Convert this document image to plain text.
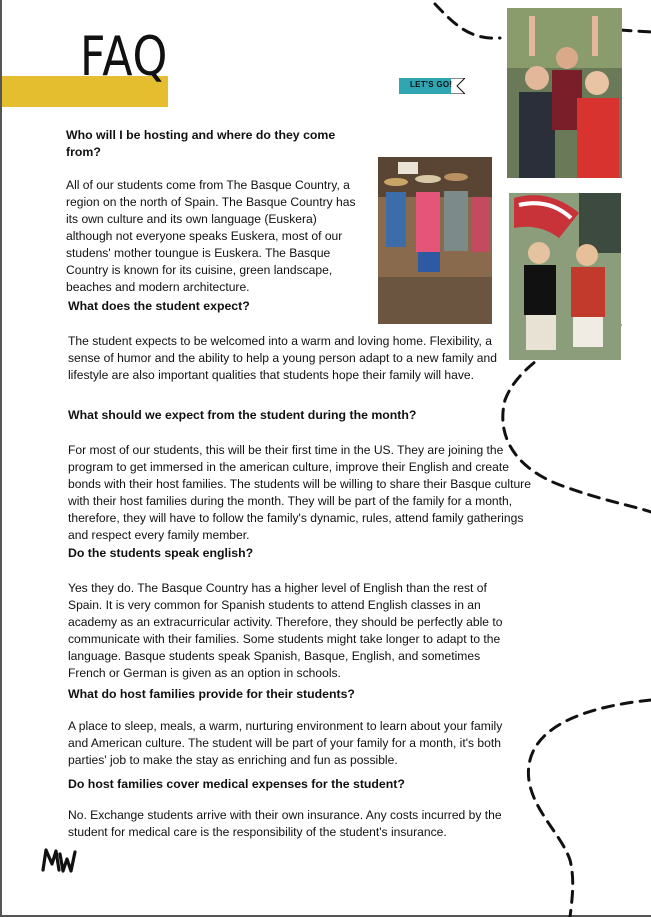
FAQ	LET'S GO!

Who will I be hosting and where do they come from?

All of our students come from The Basque Country, a region on the north of Spain. The Basque Country has its own culture and its own language (Euskera) although not everyone speaks Euskera, most of our studens' mother toungue is Euskera. The Basque Country is known for its cuisine, green landscape, beaches and modern architecture.

What does the student expect?

The student expects to be welcomed into a warm and loving home. Flexibility, a sense of humor and the ability to help a young person adapt to a new family and lifestyle are also important qualities that students hope their family will have.

What should we expect from the student during the month?

For most of our students, this will be their first time in the US. They are joining the program to get immersed in the american culture, improve their English and create bonds with their host families. The students will be willing to share their Basque culture with their host families during the month. They will be part of the family for a month, therefore, they will have to follow the family's dynamic, rules, attend family gatherings and respect every family member.

Do the students speak english?

Yes they do. The Basque Country has a higher level of English than the rest of Spain. It is very common for Spanish students to attend English classes in an academy as an extracurricular activity. Therefore, they should be perfectly able to communicate with their families. Some students might take longer to adapt to the language. Basque students speak Spanish, Basque, English, and sometimes French or German is given as an option in schools.

What do host families provide for their students?

A place to sleep, meals, a warm, nurturing environment to learn about your family and American culture. The student will be part of your family for a month, it's both parties' job to make the stay as enriching and fun as possible.

Do host families cover medical expenses for the student?

No. Exchange students arrive with their own insurance. Any costs incurred by the student for medical care is the responsibility of the student's insurance.
